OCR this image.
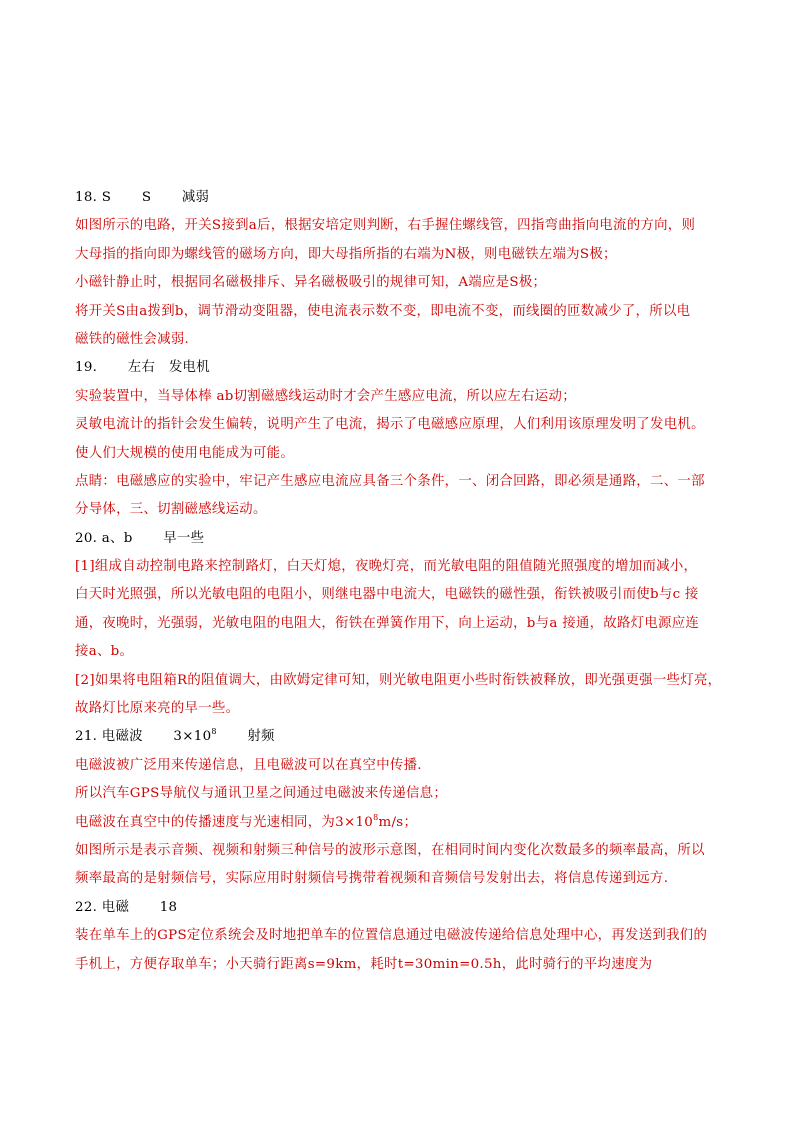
18. S S 减弱
如图所示的电路，开关S接到a后，根据安培定则判断，右手握住螺线管，四指弯曲指向电流的方向，则
大母指的指向即为螺线管的磁场方向，即大母指所指的右端为N极，则电磁铁左端为S极；
小磁针静止时，根据同名磁极排斥、异名磁极吸引的规律可知，A端应是S极；
将开关S由a拨到b，调节滑动变阻器，使电流表示数不变，即电流不变，而线圈的匝数减少了，所以电
磁铁的磁性会减弱.
19. 左右 发电机
实验装置中，当导体棒 ab切割磁感线运动时才会产生感应电流，所以应左右运动；
灵敏电流计的指针会发生偏转，说明产生了电流，揭示了电磁感应原理，人们利用该原理发明了发电机。
使人们大规模的使用电能成为可能。
点睛：电磁感应的实验中，牢记产生感应电流应具备三个条件，一、闭合回路，即必须是通路，二、一部
分导体，三、切割磁感线运动。
20. a、b 早一些
[1]组成自动控制电路来控制路灯，白天灯熄，夜晚灯亮，而光敏电阻的阻值随光照强度的增加而减小，
白天时光照强，所以光敏电阻的电阻小，则继电器中电流大，电磁铁的磁性强，衔铁被吸引而使b与c 接
通，夜晚时，光强弱，光敏电阻的电阻大，衔铁在弹簧作用下，向上运动，b与a 接通，故路灯电源应连
接a、b。
[2]如果将电阻箱R的阻值调大，由欧姆定律可知，则光敏电阻更小些时衔铁被释放，即光强更强一些灯亮，
故路灯比原来亮的早一些。
21. 电磁波 $3\times 10^8$ 射频
电磁波被广泛用来传递信息，且电磁波可以在真空中传播.
所以汽车GPS导航仪与通讯卫星之间通过电磁波来传递信息；
电磁波在真空中的传播速度与光速相同，为$3\times 10^8m/s$；
如图所示是表示音频、视频和射频三种信号的波形示意图，在相同时间内变化次数最多的频率最高，所以
频率最高的是射频信号，实际应用时射频信号携带着视频和音频信号发射出去，将信息传递到远方.
22. 电磁 18
装在单车上的GPS定位系统会及时地把单车的位置信息通过电磁波传递给信息处理中心，再发送到我们的
手机上，方便存取单车；小天骑行距离s=9km，耗时t=30min=0.5h，此时骑行的平均速度为
